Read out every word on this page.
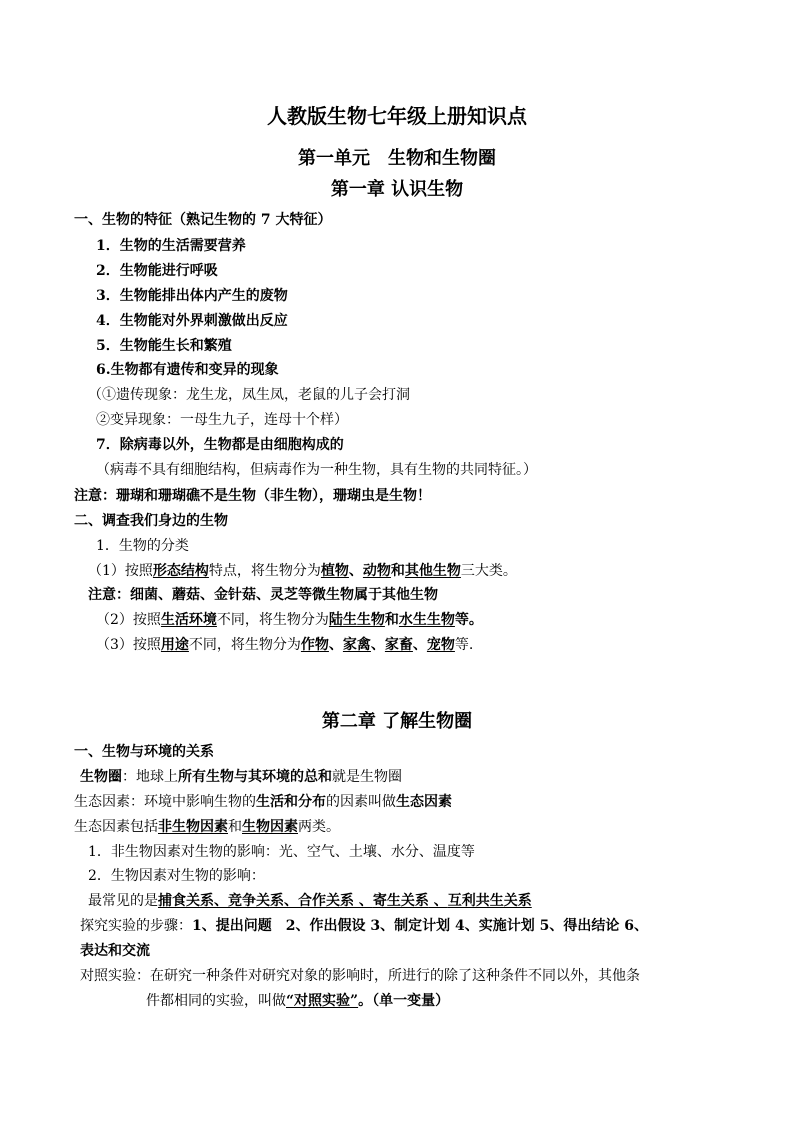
人教版生物七年级上册知识点
第一单元　生物和生物圈
第一章 认识生物
一、生物的特征（熟记生物的 7 大特征）
1．生物的生活需要营养
2．生物能进行呼吸
3．生物能排出体内产生的废物
4．生物能对外界刺激做出反应
5．生物能生长和繁殖
6.生物都有遗传和变异的现象
（①遗传现象：龙生龙，凤生凤，老鼠的儿子会打洞
②变异现象：一母生九子，连母十个样）
7．除病毒以外，生物都是由细胞构成的
（病毒不具有细胞结构，但病毒作为一种生物，具有生物的共同特征。）
注意：珊瑚和珊瑚礁不是生物（非生物），珊瑚虫是生物！
二、调查我们身边的生物
1．生物的分类
（1）按照形态结构特点，将生物分为植物、动物和其他生物三大类。
注意：细菌、蘑菇、金针菇、灵芝等微生物属于其他生物
（2）按照生活环境不同，将生物分为陆生生物和水生生物等。
（3）按照用途不同，将生物分为作物、家禽、家畜、宠物等.
第二章 了解生物圈
一、生物与环境的关系
生物圈：地球上所有生物与其环境的总和就是生物圈
生态因素：环境中影响生物的生活和分布的因素叫做生态因素
生态因素包括非生物因素和生物因素两类。
1．非生物因素对生物的影响：光、空气、土壤、水分、温度等
2．生物因素对生物的影响：
最常见的是捕食关系、竞争关系、合作关系 、寄生关系 、互利共生关系
探究实验的步骤：1、提出问题　2、作出假设 3、制定计划 4、实施计划 5、得出结论 6、
表达和交流
对照实验：在研究一种条件对研究对象的影响时，所进行的除了这种条件不同以外，其他条
件都相同的实验，叫做“对照实验”。（单一变量）
